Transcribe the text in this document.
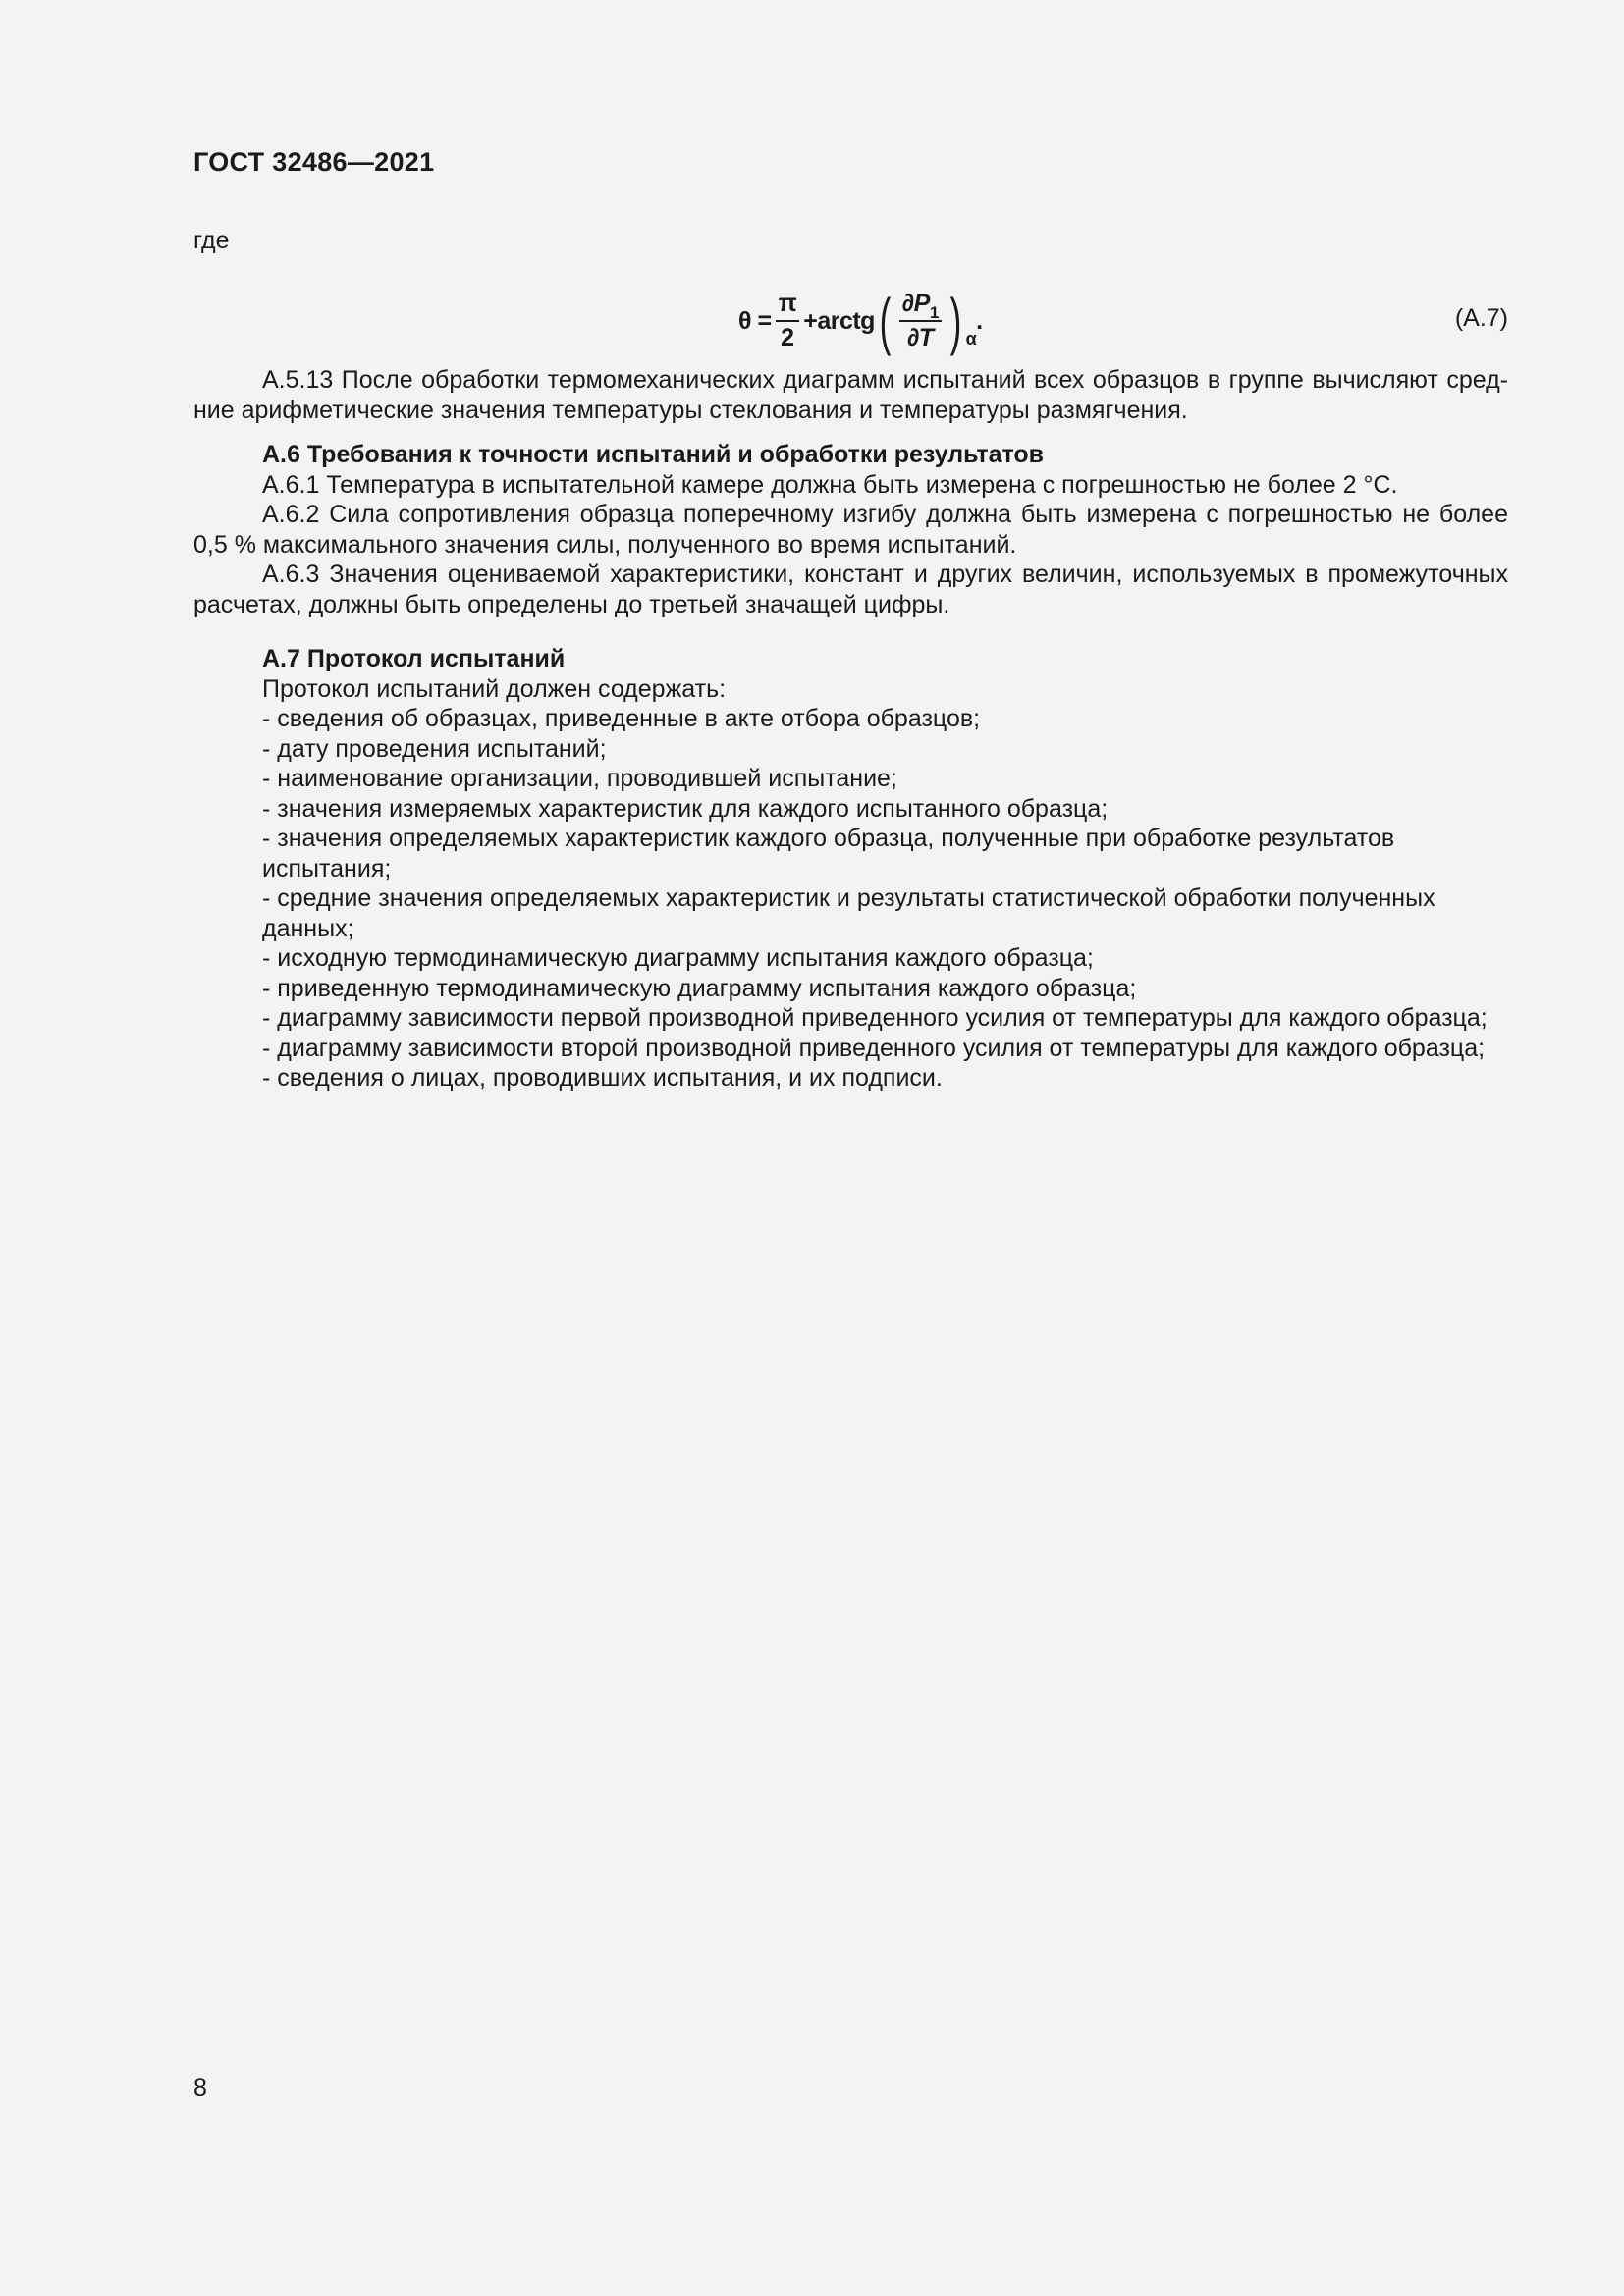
ГОСТ 32486—2021
где
$\theta = \frac{\pi}{2}$ + arctg ( $\frac{\partial P_1}{\partial T}$ ) α
.	(А.7)

А.5.13 После обработки термомеханических диаграмм испытаний всех образцов в группе вычисляют сред- ние арифметические значения температуры стеклования и температуры размягчения.

А.6 Требования к точности испытаний и обработки результатов

А.6.1 Температура в испытательной камере должна быть измерена с погрешностью не более 2 °С.

А.6.2 Сила сопротивления образца поперечному изгибу должна быть измерена с погрешностью не более 0,5 % максимального значения силы, полученного во время испытаний.

А.6.3 Значения оцениваемой характеристики, констант и других величин, используемых в промежуточных расчетах, должны быть определены до третьей значащей цифры.

А.7 Протокол испытаний

Протокол испытаний должен содержать:

- сведения об образцах, приведенные в акте отбора образцов;

- дату проведения испытаний;

- наименование организации, проводившей испытание;

- значения измеряемых характеристик для каждого испытанного образца;

- значения определяемых характеристик каждого образца, полученные при обработке результатов испытания;

- средние значения определяемых характеристик и результаты статистической обработки полученных данных;

- исходную термодинамическую диаграмму испытания каждого образца;

- приведенную термодинамическую диаграмму испытания каждого образца;

- диаграмму зависимости первой производной приведенного усилия от температуры для каждого образца;

- диаграмму зависимости второй производной приведенного усилия от температуры для каждого образца;

- сведения о лицах, проводивших испытания, и их подписи.

8
